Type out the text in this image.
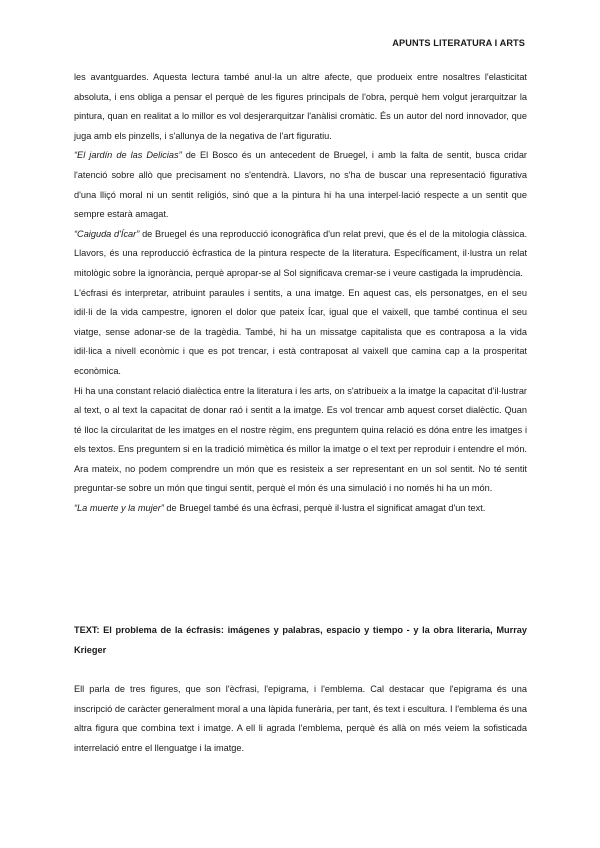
APUNTS LITERATURA I ARTS

les avantguardes. Aquesta lectura també anul·la un altre afecte, que produeix entre nosaltres l'elasticitat absoluta, i ens obliga a pensar el perquè de les figures principals de l'obra, perquè hem volgut jerarquitzar la pintura, quan en realitat a lo millor es vol desjerarquitzar l'anàlisi cromàtic. És un autor del nord innovador, que juga amb els pinzells, i s'allunya de la negativa de l'art figuratiu.

“El jardín de las Delicias” de El Bosco és un antecedent de Bruegel, i amb la falta de sentit, busca cridar l'atenció sobre allò que precisament no s'entendrà. Llavors, no s'ha de buscar una representació figurativa d'una lliçó moral ni un sentit religiós, sinó que a la pintura hi ha una interpel·lació respecte a un sentit que sempre estarà amagat.

“Caiguda d'Ícar” de Bruegel és una reproducció iconogràfica d'un relat previ, que és el de la mitologia clàssica. Llavors, és una reproducció ècfrastica de la pintura respecte de la literatura. Específicament, il·lustra un relat mitològic sobre la ignorància, perquè apropar-se al Sol significava cremar-se i veure castigada la imprudència.

L'écfrasi és interpretar, atribuint paraules i sentits, a una imatge. En aquest cas, els personatges, en el seu idil·li de la vida campestre, ignoren el dolor que pateix Ícar, igual que el vaixell, que també continua el seu viatge, sense adonar-se de la tragèdia. També, hi ha un missatge capitalista que es contraposa a la vida idil·lica a nivell econòmic i que es pot trencar, i està contraposat al vaixell que camina cap a la prosperitat econòmica.

Hi ha una constant relació dialèctica entre la literatura i les arts, on s'atribueix a la imatge la capacitat d'il·lustrar al text, o al text la capacitat de donar raó i sentit a la imatge. Es vol trencar amb aquest corset dialèctic. Quan té lloc la circularitat de les imatges en el nostre règim, ens preguntem quina relació es dóna entre les imatges i els textos. Ens preguntem si en la tradició mimètica és millor la imatge o el text per reproduir i entendre el món. Ara mateix, no podem comprendre un món que es resisteix a ser representant en un sol sentit. No té sentit preguntar-se sobre un món que tingui sentit, perquè el món és una simulació i no només hi ha un món.

“La muerte y la mujer” de Bruegel també és una ècfrasi, perquè il·lustra el significat amagat d'un text.

TEXT: El problema de la écfrasis: imágenes y palabras, espacio y tiempo - y la obra literaria, Murray Krieger
Ell parla de tres figures, que son l'ècfrasi, l'epigrama, i l'emblema. Cal destacar que l'epigrama és una inscripció de caràcter generalment moral a una làpida funerària, per tant, és text i escultura. I l'emblema és una altra figura que combina text i imatge. A ell li agrada l'emblema, perquè és allà on més veiem la sofisticada interrelació entre el llenguatge i la imatge.
